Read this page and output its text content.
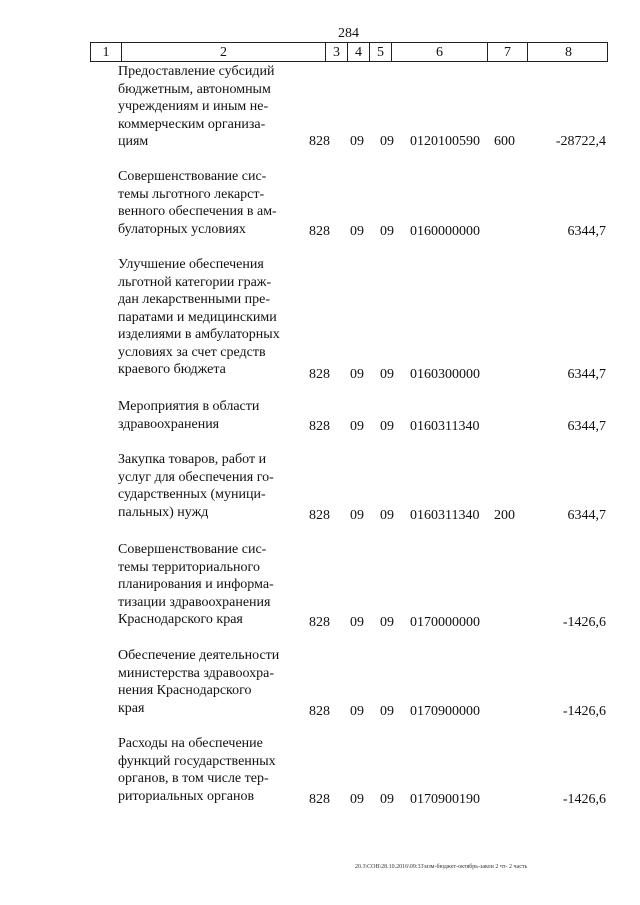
284
1	2	3	4	5	6	7	8
Предоставление субсидий
бюджетным, автономным
учреждениям и иным не-
коммерческим организа-
циям	828 09 09 0120100590 600	-28722,4
Совершенствование сис-
темы льготного лекарст-
венного обеспечения в ам-
булаторных условиях	828 09 09 0160000000	6344,7
Улучшение обеспечения
льготной категории граж-
дан лекарственными пре-
паратами и медицинскими
изделиями в амбулаторных
условиях за счет средств
краевого бюджета	828 09 09 0160300000	6344,7
Мероприятия в области
здравоохранения	828 09 09 0160311340	6344,7
Закупка товаров, работ и
услуг для обеспечения го-
сударственных (муници-
пальных) нужд	828 09 09 0160311340 200	6344,7
Совершенствование сис-
темы территориального
планирования и информа-
тизации здравоохранения
Краснодарского края	828 09 09 0170000000	-1426,6
Обеспечение деятельности
министерства здравоохра-
нения Краснодарского
края	828 09 09 0170900000	-1426,6
Расходы на обеспечение
функций государственных
органов, в том числе тер-
риториальных органов	828 09 09 0170900190	-1426,6
20.3\СОВ\28.10.2016\09:33\изм-бюджет-октябрь-закон 2 чт- 2 часть
